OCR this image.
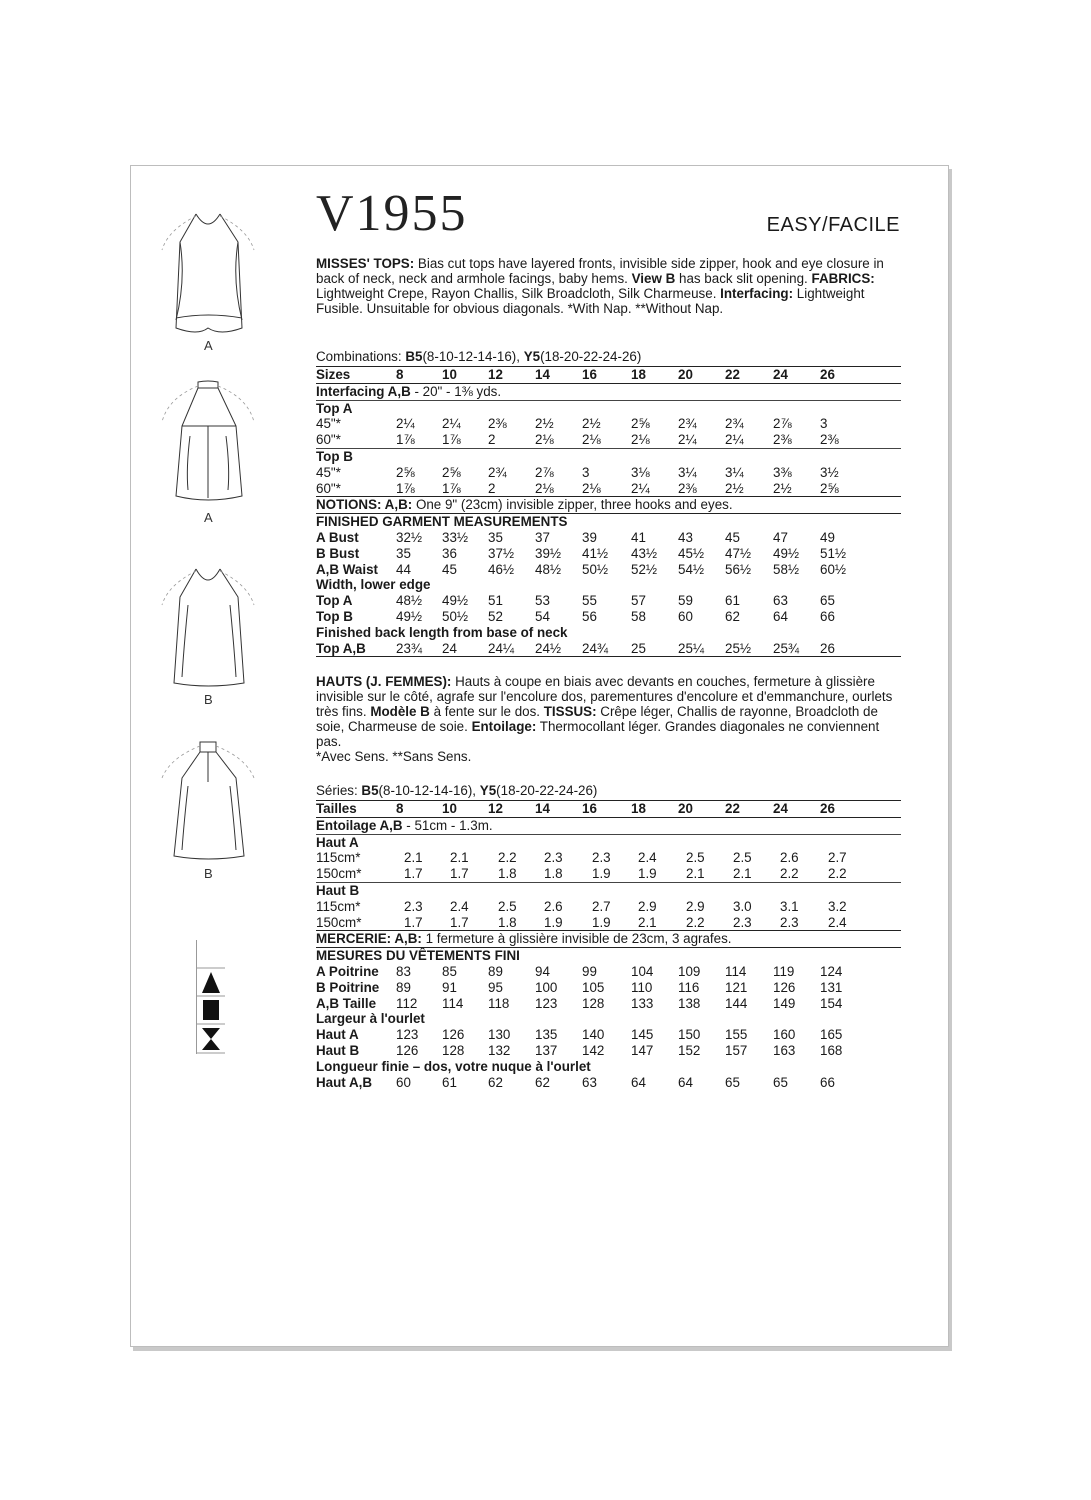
V1955	EASY/FACILE
A
A
B
B

MISSES' TOPS: Bias cut tops have layered fronts, invisible side zipper, hook and eye closure in back of neck, neck and armhole facings, baby hems. View B has back slit opening. FABRICS: Lightweight Crepe, Rayon Challis, Silk Broadcloth, Silk Charmeuse. Interfacing: Lightweight Fusible. Unsuitable for obvious diagonals. *With Nap. **Without Nap.

Combinations: B5(8-10-12-14-16), Y5(18-20-22-24-26)
Sizes	8	10	12	14	16	18	20	22	24	26
Interfacing A,B - 20" - 1⅜ yds.
Top A
45"*	2¼	2¼	2⅜	2½	2½	2⅝	2¾	2¾	2⅞	3
60"*	1⅞	1⅞	2	2⅛	2⅛	2⅛	2¼	2¼	2⅜	2⅜
Top B
45"*	2⅝	2⅝	2¾	2⅞	3	3⅛	3¼	3¼	3⅜	3½
60"*	1⅞	1⅞	2	2⅛	2⅛	2¼	2⅜	2½	2½	2⅝
NOTIONS: A,B: One 9" (23cm) invisible zipper, three hooks and eyes.
FINISHED GARMENT MEASUREMENTS
A Bust	32½	33½	35	37	39	41	43	45	47	49
B Bust	35	36	37½	39½	41½	43½	45½	47½	49½	51½
A,B Waist 44	45	46½	48½	50½	52½	54½	56½	58½	60½
Width, lower edge
Top A	48½	49½	51	53	55	57	59	61	63	65
Top B	49½	50½	52	54	56	58	60	62	64	66
Finished back length from base of neck
Top A,B 23¾	24	24¼	24½	24¾	25	25¼	25½	25¾	26

HAUTS (J. FEMMES): Hauts à coupe en biais avec devants en couches, fermeture à glissière invisible sur le côté, agrafe sur l'encolure dos, parementures d'encolure et d'emmanchure, ourlets très fins. Modèle B à fente sur le dos. TISSUS: Crêpe léger, Challis de rayonne, Broadcloth de soie, Charmeuse de soie. Entoilage: Thermocollant léger. Grandes diagonales ne conviennent pas.
*Avec Sens. **Sans Sens.

Séries: B5(8-10-12-14-16), Y5(18-20-22-24-26)
Tailles	8	10	12	14	16	18	20	22	24	26
Entoilage A,B - 51cm - 1.3m.
Haut A
115cm*	2.1	2.1	2.2	2.3	2.3	2.4	2.5	2.5	2.6	2.7
150cm*	1.7	1.7	1.8	1.8	1.9	1.9	2.1	2.1	2.2	2.2
Haut B
115cm*	2.3	2.4	2.5	2.6	2.7	2.9	2.9	3.0	3.1	3.2
150cm*	1.7	1.7	1.8	1.9	1.9	2.1	2.2	2.3	2.3	2.4
MERCERIE: A,B: 1 fermeture à glissière invisible de 23cm, 3 agrafes.
MESURES DU VÊTEMENTS FINI
A Poitrine 83	85	89	94	99	104	109	114	119	124
B Poitrine 89	91	95	100	105	110	116	121	126	131
A,B Taille 112	114	118	123	128	133	138	144	149	154
Largeur à l'ourlet
Haut A	123	126	130	135	140	145	150	155	160	165
Haut B	126	128	132	137	142	147	152	157	163	168
Longueur finie – dos, votre nuque à l'ourlet
Haut A,B 60	61	62	62	63	64	64	65	65	66
